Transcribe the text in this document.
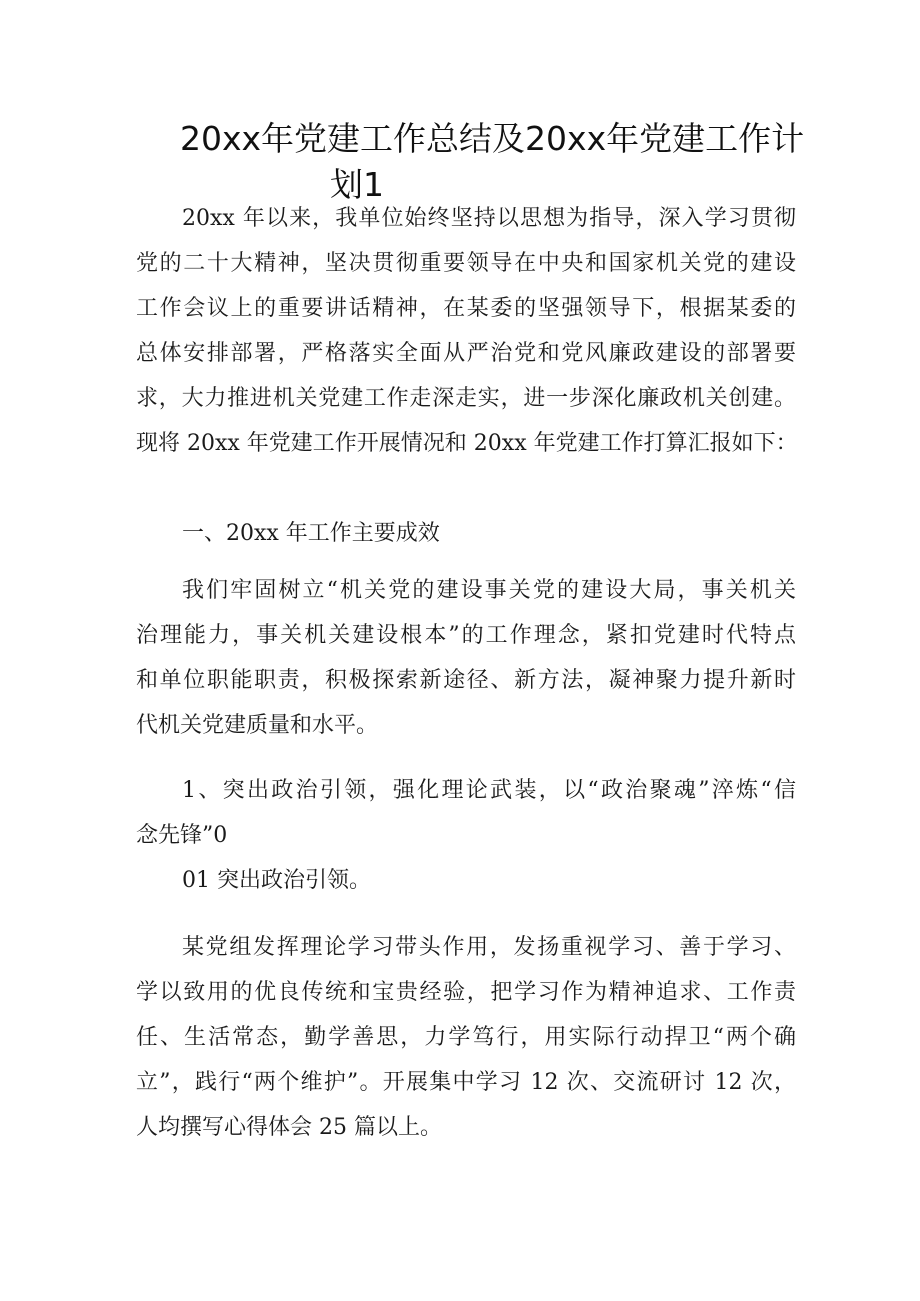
20xx年党建工作总结及20xx年党建工作计
划1
20xx 年以来，我单位始终坚持以思想为指导，深入学习贯彻
党的二十大精神，坚决贯彻重要领导在中央和国家机关党的建设
工作会议上的重要讲话精神，在某委的坚强领导下，根据某委的
总体安排部署，严格落实全面从严治党和党风廉政建设的部署要
求，大力推进机关党建工作走深走实，进一步深化廉政机关创建。
现将 20xx 年党建工作开展情况和 20xx 年党建工作打算汇报如下：
一、20xx 年工作主要成效
我们牢固树立“机关党的建设事关党的建设大局，事关机关
治理能力，事关机关建设根本”的工作理念，紧扣党建时代特点
和单位职能职责，积极探索新途径、新方法，凝神聚力提升新时
代机关党建质量和水平。
1、突出政治引领，强化理论武装，以“政治聚魂”淬炼“信
念先锋”0
01 突出政治引领。
某党组发挥理论学习带头作用，发扬重视学习、善于学习、
学以致用的优良传统和宝贵经验，把学习作为精神追求、工作责
任、生活常态，勤学善思，力学笃行，用实际行动捍卫“两个确
立”，践行“两个维护”。开展集中学习 12 次、交流研讨 12 次，
人均撰写心得体会 25 篇以上。
